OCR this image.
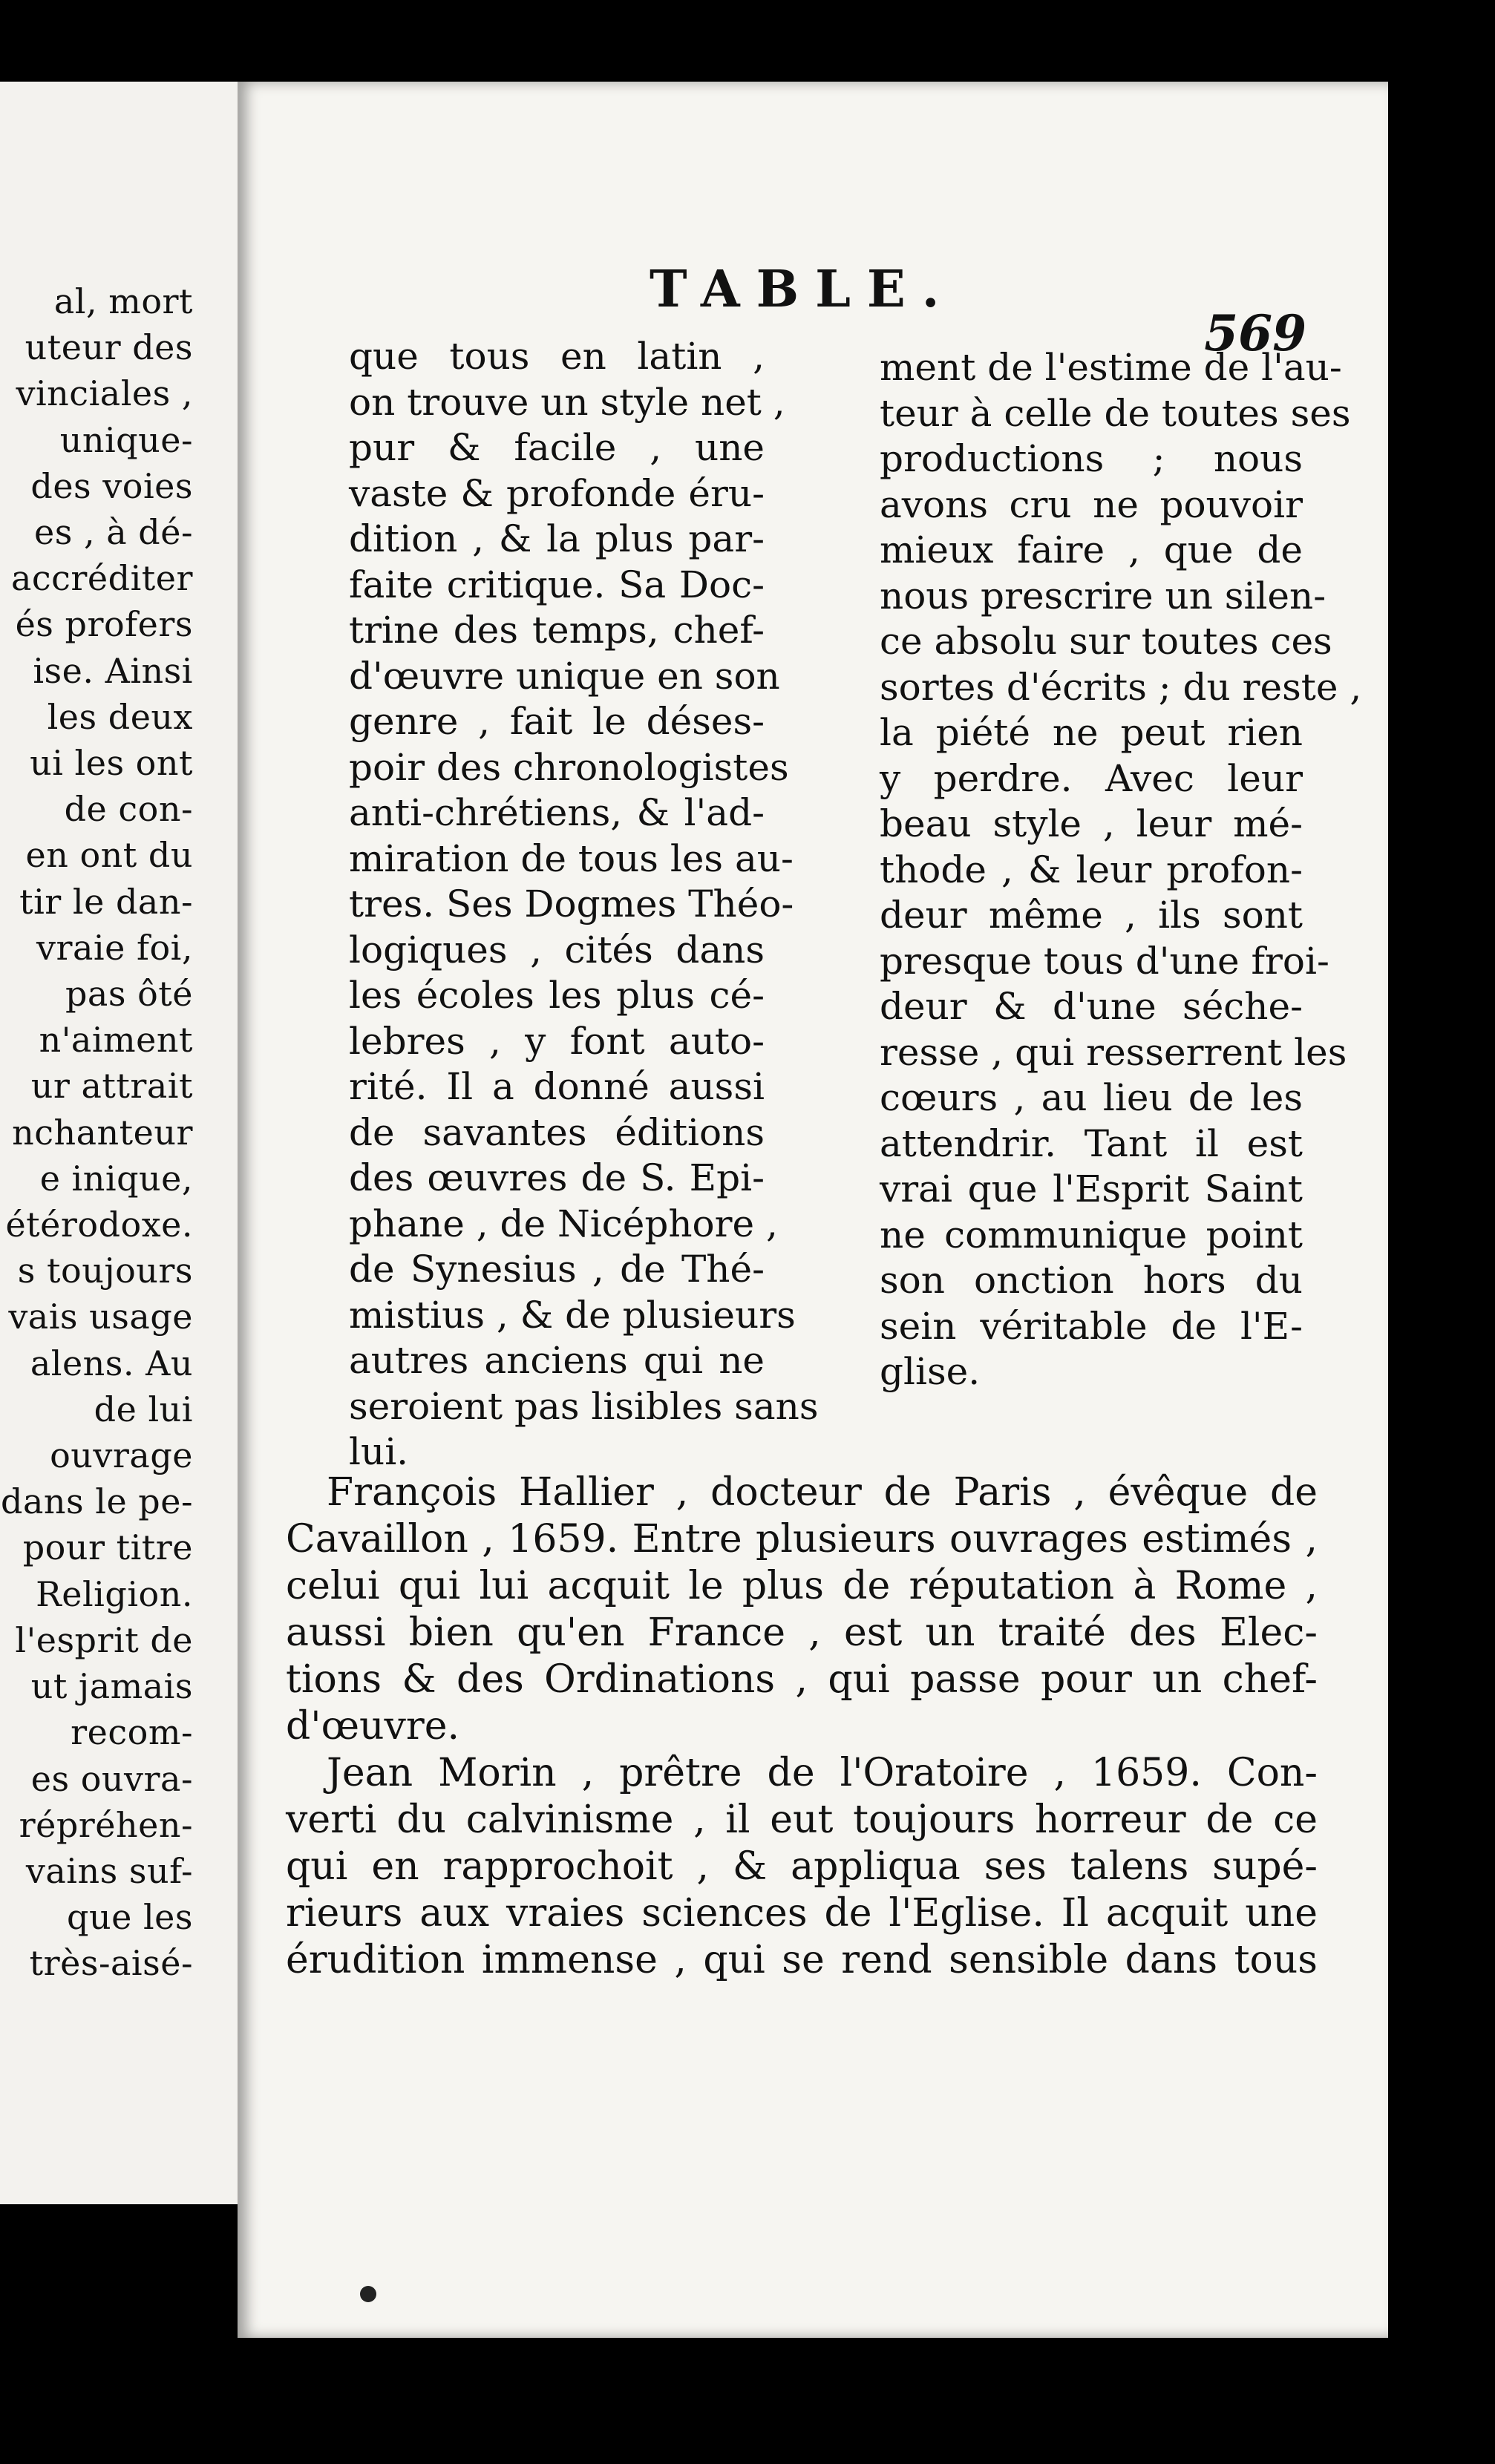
al, mort
uteur des
vinciales ,
unique-
des voies
es , à dé-
accréditer
és profers
ise. Ainsi
les deux
ui les ont
de con-
en ont du
tir le dan-
vraie foi,
pas ôté
n'aiment
ur attrait
nchanteur
e inique,
étérodoxe.
s toujours
vais usage
alens. Au
de lui
ouvrage
dans le pe-
pour titre
Religion.
l'esprit de
ut jamais
recom-
es ouvra-
répréhen-
vains suf-
que les
très-aisé-
TABLE.
569
que tous en latin ,
on trouve un style net ,
pur & facile , une
vaste & profonde éru-
dition , & la plus par-
faite critique. Sa Doc-
trine des temps, chef-
d'œuvre unique en son
genre , fait le déses-
poir des chronologistes
anti-chrétiens, & l'ad-
miration de tous les au-
tres. Ses Dogmes Théo-
logiques , cités dans
les écoles les plus cé-
lebres , y font auto-
rité. Il a donné aussi
de savantes éditions
des œuvres de S. Epi-
phane , de Nicéphore ,
de Synesius , de Thé-
mistius , & de plusieurs
autres anciens qui ne
seroient pas lisibles sans
lui.
ment de l'estime de l'au-
teur à celle de toutes ses
productions ; nous
avons cru ne pouvoir
mieux faire , que de
nous prescrire un silen-
ce absolu sur toutes ces
sortes d'écrits ; du reste ,
la piété ne peut rien
y perdre. Avec leur
beau style , leur mé-
thode , & leur profon-
deur même , ils sont
presque tous d'une froi-
deur & d'une séche-
resse , qui resserrent les
cœurs , au lieu de les
attendrir. Tant il est
vrai que l'Esprit Saint
ne communique point
son onction hors du
sein véritable de l'E-
glise.
François Hallier , docteur de Paris , évêque de
Cavaillon , 1659. Entre plusieurs ouvrages estimés ,
celui qui lui acquit le plus de réputation à Rome ,
aussi bien qu'en France , est un traité des Elec-
tions & des Ordinations , qui passe pour un chef-
d'œuvre.
Jean Morin , prêtre de l'Oratoire , 1659. Con-
verti du calvinisme , il eut toujours horreur de ce
qui en rapprochoit , & appliqua ses talens supé-
rieurs aux vraies sciences de l'Eglise. Il acquit une
érudition immense , qui se rend sensible dans tous
